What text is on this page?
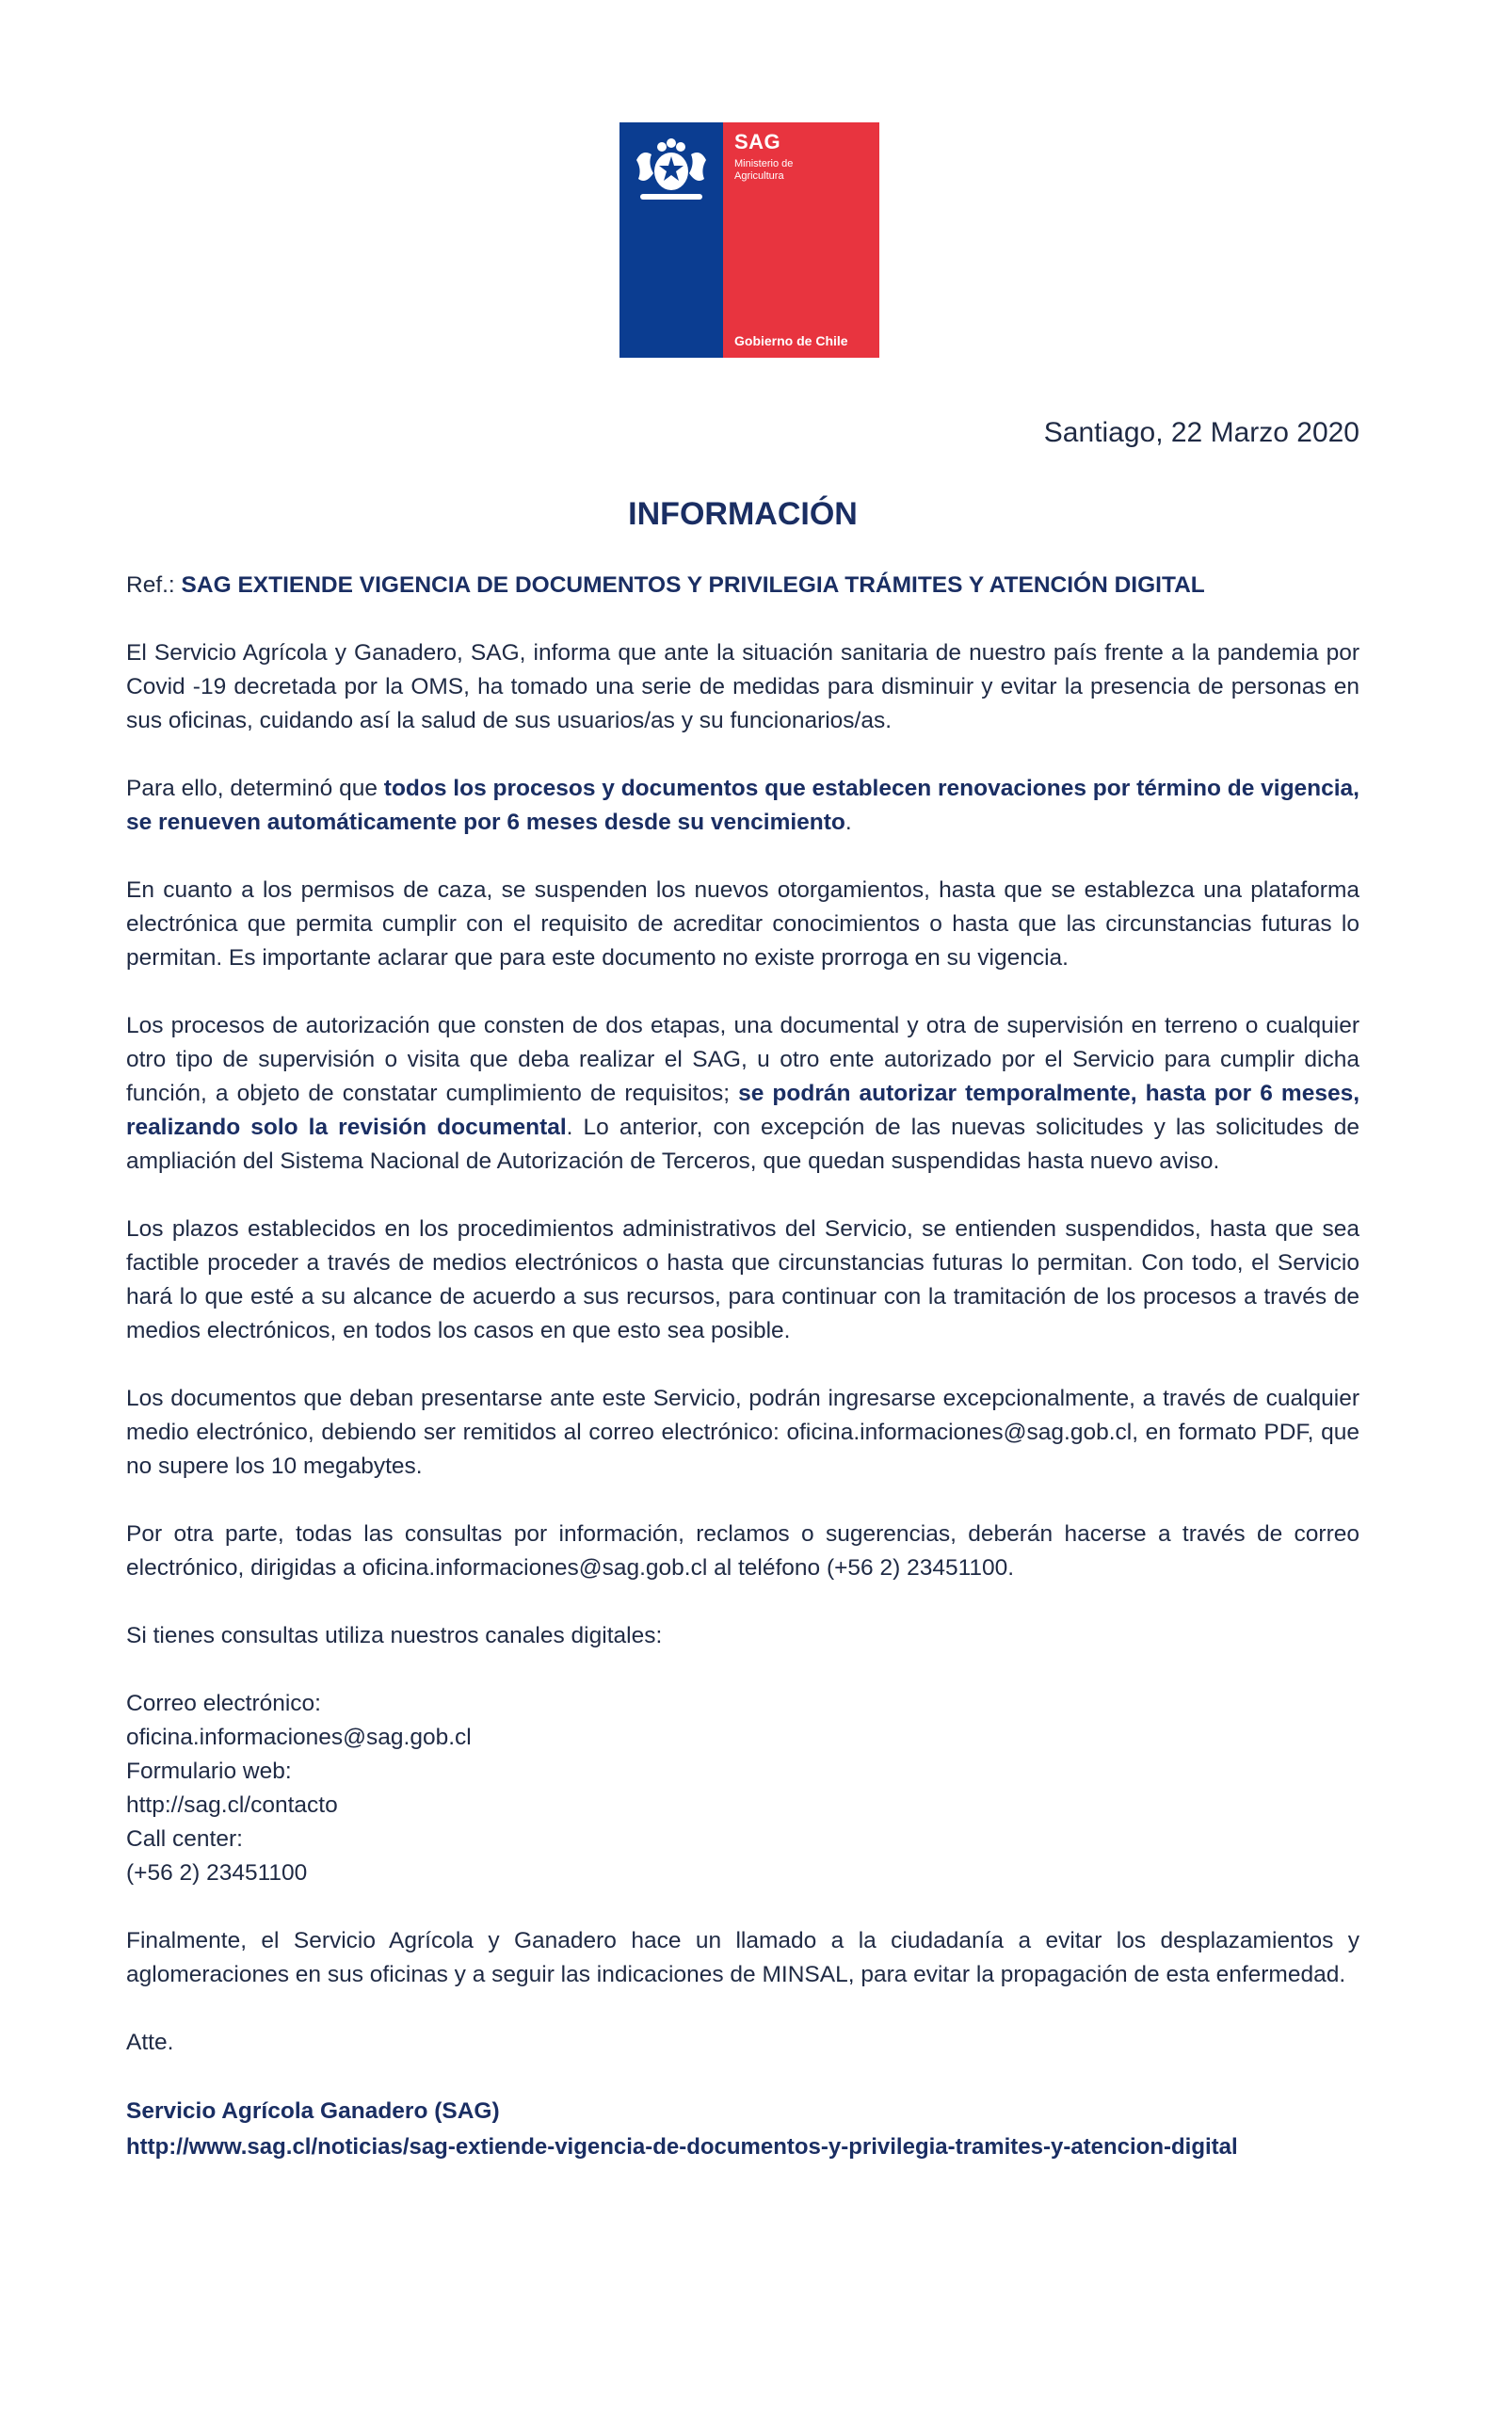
SAG
Ministerio de
Agricultura
Gobierno de Chile
Santiago, 22 Marzo 2020
INFORMACIÓN

Ref.: SAG EXTIENDE VIGENCIA DE DOCUMENTOS Y PRIVILEGIA TRÁMITES Y ATENCIÓN DIGITAL

El Servicio Agrícola y Ganadero, SAG, informa que ante la situación sanitaria de nuestro país frente a la pandemia por Covid -19 decretada por la OMS, ha tomado una serie de medidas para disminuir y evitar la presencia de personas en sus oficinas, cuidando así la salud de sus usuarios/as y su funcionarios/as.

Para ello, determinó que todos los procesos y documentos que establecen renovaciones por término de vigencia, se renueven automáticamente por 6 meses desde su vencimiento.

En cuanto a los permisos de caza, se suspenden los nuevos otorgamientos, hasta que se establezca una plataforma electrónica que permita cumplir con el requisito de acreditar conocimientos o hasta que las circunstancias futuras lo permitan. Es importante aclarar que para este documento no existe prorroga en su vigencia.

Los procesos de autorización que consten de dos etapas, una documental y otra de supervisión en terreno o cualquier otro tipo de supervisión o visita que deba realizar el SAG, u otro ente autorizado por el Servicio para cumplir dicha función, a objeto de constatar cumplimiento de requisitos; se podrán autorizar temporalmente, hasta por 6 meses, realizando solo la revisión documental. Lo anterior, con excepción de las nuevas solicitudes y las solicitudes de ampliación del Sistema Nacional de Autorización de Terceros, que quedan suspendidas hasta nuevo aviso.

Los plazos establecidos en los procedimientos administrativos del Servicio, se entienden suspendidos, hasta que sea factible proceder a través de medios electrónicos o hasta que circunstancias futuras lo permitan. Con todo, el Servicio hará lo que esté a su alcance de acuerdo a sus recursos, para continuar con la tramitación de los procesos a través de medios electrónicos, en todos los casos en que esto sea posible.

Los documentos que deban presentarse ante este Servicio, podrán ingresarse excepcionalmente, a través de cualquier medio electrónico, debiendo ser remitidos al correo electrónico: oficina.informaciones@sag.gob.cl, en formato PDF, que no supere los 10 megabytes.

Por otra parte, todas las consultas por información, reclamos o sugerencias, deberán hacerse a través de correo electrónico, dirigidas a oficina.informaciones@sag.gob.cl al teléfono (+56 2) 23451100.

Si tienes consultas utiliza nuestros canales digitales:

Correo electrónico:
oficina.informaciones@sag.gob.cl
Formulario web:
http://sag.cl/contacto
Call center:
(+56 2) 23451100

Finalmente, el Servicio Agrícola y Ganadero hace un llamado a la ciudadanía a evitar los desplazamientos y aglomeraciones en sus oficinas y a seguir las indicaciones de MINSAL, para evitar la propagación de esta enfermedad.

Atte.

Servicio Agrícola Ganadero (SAG)
http://www.sag.cl/noticias/sag-extiende-vigencia-de-documentos-y-privilegia-tramites-y-atencion-digital
